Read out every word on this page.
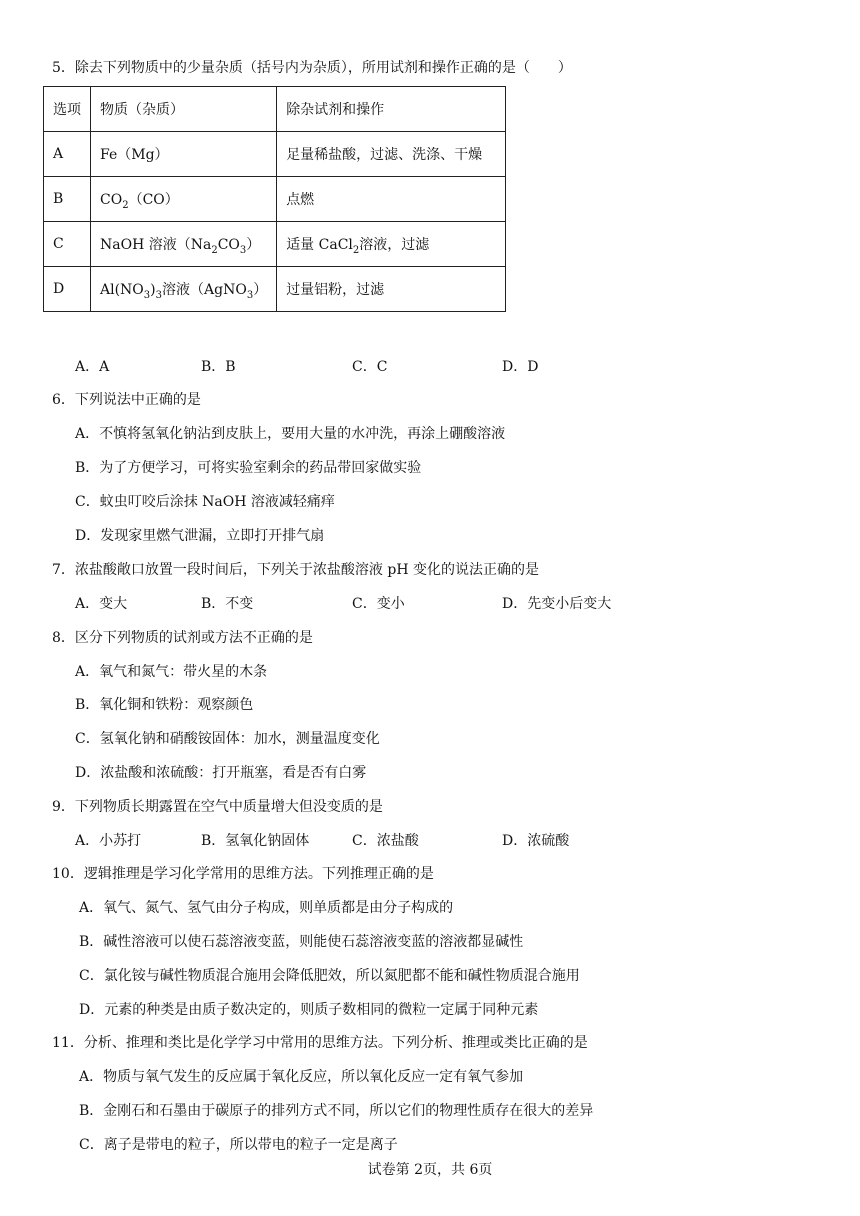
5．除去下列物质中的少量杂质（括号内为杂质），所用试剂和操作正确的是（　　）
选项	物质（杂质）	除杂试剂和操作
A	Fe（Mg）	足量稀盐酸，过滤、洗涤、干燥
B	$CO_2(CO)$	点燃
C	NaOH 溶液$(Na_2CO_3)$	适量 CaCl$_2$溶液，过滤
D	$Al(NO_3)_3$溶液（AgNO$_3$）	过量铝粉，过滤
A．A	B．B	C．C	D．D
6．下列说法中正确的是
A．不慎将氢氧化钠沾到皮肤上，要用大量的水冲洗，再涂上硼酸溶液
B．为了方便学习，可将实验室剩余的药品带回家做实验
C．蚊虫叮咬后涂抹 NaOH 溶液减轻痛痒
D．发现家里燃气泄漏，立即打开排气扇
7．浓盐酸敞口放置一段时间后，下列关于浓盐酸溶液 pH 变化的说法正确的是
A．变大	B．不变	C．变小	D．先变小后变大
8．区分下列物质的试剂或方法不正确的是
A．氧气和氮气：带火星的木条
B．氧化铜和铁粉：观察颜色
C．氢氧化钠和硝酸铵固体：加水，测量温度变化
D．浓盐酸和浓硫酸：打开瓶塞，看是否有白雾
9．下列物质长期露置在空气中质量增大但没变质的是
A．小苏打	B．氢氧化钠固体	C．浓盐酸	D．浓硫酸
10．逻辑推理是学习化学常用的思维方法。下列推理正确的是
A．氧气、氮气、氢气由分子构成，则单质都是由分子构成的
B．碱性溶液可以使石蕊溶液变蓝，则能使石蕊溶液变蓝的溶液都显碱性
C．氯化铵与碱性物质混合施用会降低肥效，所以氮肥都不能和碱性物质混合施用
D．元素的种类是由质子数决定的，则质子数相同的微粒一定属于同种元素
11．分析、推理和类比是化学学习中常用的思维方法。下列分析、推理或类比正确的是
A．物质与氧气发生的反应属于氧化反应，所以氧化反应一定有氧气参加
B．金刚石和石墨由于碳原子的排列方式不同，所以它们的物理性质存在很大的差异
C．离子是带电的粒子，所以带电的粒子一定是离子
试卷第 2页，共 6页
